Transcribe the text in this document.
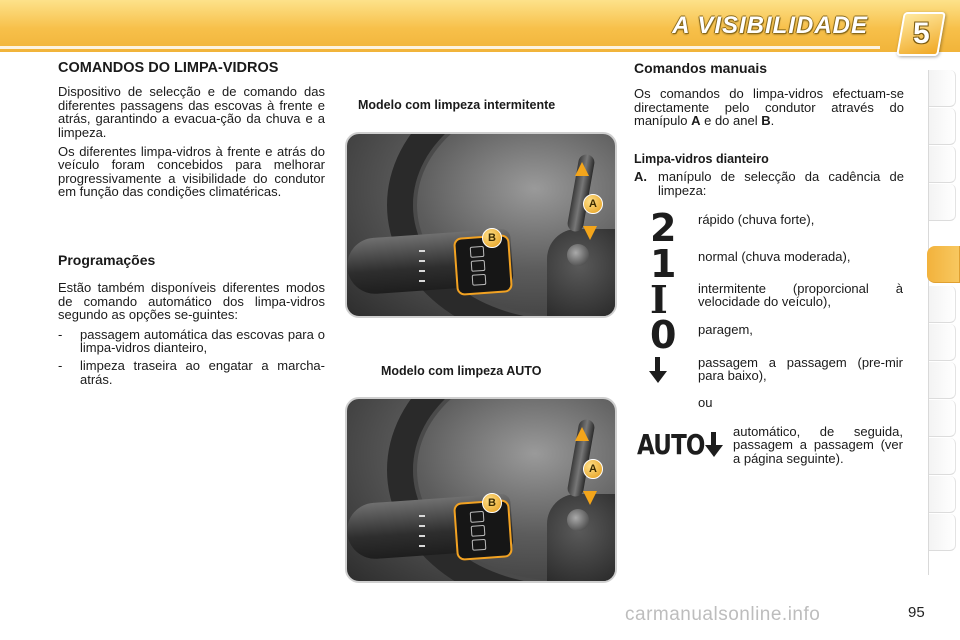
A VISIBILIDADE 5
COMANDOS DO LIMPA-VIDROS

Dispositivo de selecção e de comando das diferentes passagens das escovas à frente e atrás, garantindo a evacua-ção da chuva e a limpeza.

Os diferentes limpa-vidros à frente e atrás do veículo foram concebidos para melhorar progressivamente a visibilidade do condutor em função das condições climatéricas.

Programações

Estão também disponíveis diferentes modos de comando automático dos limpa-vidros segundo as opções se-guintes:

-	passagem automática das escovas para o limpa-vidros dianteiro,
-	limpeza traseira ao engatar a marcha-atrás.
Modelo com limpeza intermitente
A
B
Modelo com limpeza AUTO
A
B
Comandos manuais

Os comandos do limpa-vidros efectuam-se directamente pelo condutor através do manípulo A e do anel B.

Limpa-vidros dianteiro
A. manípulo de selecção da cadência de limpeza:
2 rápido (chuva forte),
1 normal (chuva moderada),
I intermitente (proporcional à velocidade do veículo),
0 paragem,
passagem a passagem (pre-mir para baixo),
ou
AUTO automático, de seguida, passagem a passagem (ver a página seguinte).
carmanualsonline.info	95
